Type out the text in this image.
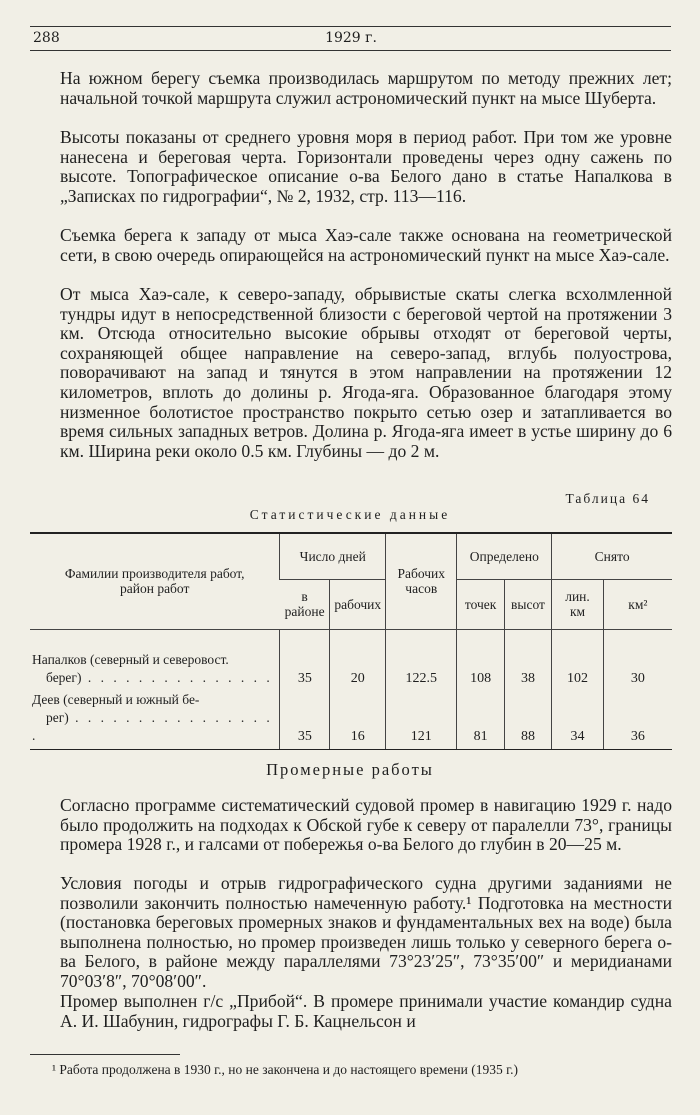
288	1929 г.

На южном берегу съемка производилась маршрутом по методу прежних лет; начальной точкой маршрута служил астрономический пункт на мысе Шуберта.

Высоты показаны от среднего уровня моря в период работ. При том же уровне нанесена и береговая черта. Горизонтали проведены через одну сажень по высоте. Топографическое описание о-ва Белого дано в статье Напалкова в „Записках по гидрографии“, № 2, 1932, стр. 113—116.

Съемка берега к западу от мыса Хаэ-сале также основана на геометрической сети, в свою очередь опирающейся на астрономический пункт на мысе Хаэ-сале.

От мыса Хаэ-сале, к северо-западу, обрывистые скаты слегка всхолмленной тундры идут в непосредственной близости с береговой чертой на протяжении 3 км. Отсюда относительно высокие обрывы отходят от береговой черты, сохраняющей общее направление на северо-запад, вглубь полуострова, поворачивают на запад и тянутся в этом направлении на протяжении 12 километров, вплоть до долины р. Ягода-яга. Образованное благодаря этому низменное болотистое пространство покрыто сетью озер и затапливается во время сильных западных ветров. Долина р. Ягода-яга имеет в устье ширину до 6 км. Ширина реки около 0.5 км. Глубины — до 2 м.

Таблица 64
Статистические данные
Фамилии производителя работ, район работ	Число дней		Рабочих часов	Определено		Снято	
	в районе	рабочих		точек	высот	лин. км	км²
Напалков (северный и северовост.
берег) . . . . . . . . . . . . . . .	35	20	122.5	108	38	102	30
Деев (северный и южный бе-
рег) . . . . . . . . . . . . . . . . .	35	16	121	81	88	34	36
Промерные работы

Согласно программе систематический судовой промер в навигацию 1929 г. надо было продолжить на подходах к Обской губе к северу от паралелли 73°, границы промера 1928 г., и галсами от побережья о-ва Белого до глубин в 20—25 м.

Условия погоды и отрыв гидрографического судна другими заданиями не позволили закончить полностью намеченную работу.¹ Подготовка на местности (постановка береговых промерных знаков и фундаментальных вех на воде) была выполнена полностью, но промер произведен лишь только у северного берега о-ва Белого, в районе между параллелями 73°23′25″, 73°35′00″ и меридианами 70°03′8″, 70°08′00″.

Промер выполнен г/с „Прибой“. В промере принимали участие командир судна А. И. Шабунин, гидрографы Г. Б. Кацнельсон и

¹ Работа продолжена в 1930 г., но не закончена и до настоящего времени (1935 г.)
